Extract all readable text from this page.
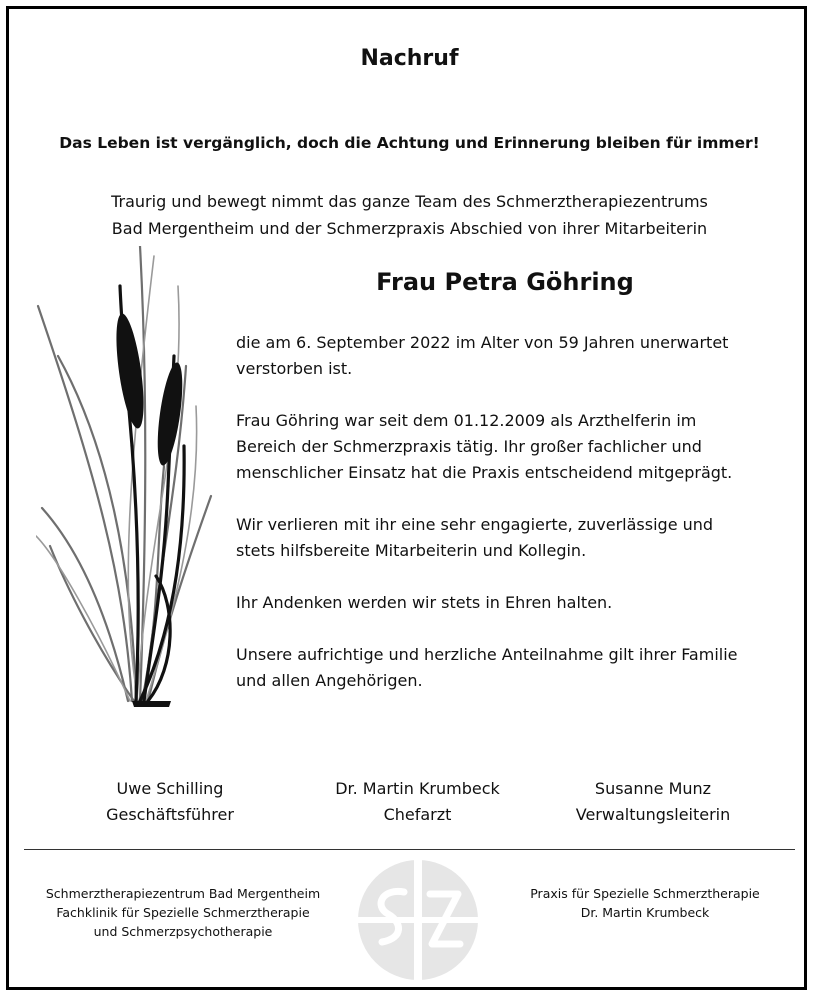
Nachruf
Das Leben ist vergänglich, doch die Achtung und Erinnerung bleiben für immer!
Traurig und bewegt nimmt das ganze Team des Schmerztherapiezentrums
Bad Mergentheim und der Schmerzpraxis Abschied von ihrer Mitarbeiterin
Frau Petra Göhring

die am 6. September 2022 im Alter von 59 Jahren unerwartet
verstorben ist.

Frau Göhring war seit dem 01.12.2009 als Arzthelferin im
Bereich der Schmerzpraxis tätig. Ihr großer fachlicher und
menschlicher Einsatz hat die Praxis entscheidend mitgeprägt.

Wir verlieren mit ihr eine sehr engagierte, zuverlässige und
stets hilfsbereite Mitarbeiterin und Kollegin.

Ihr Andenken werden wir stets in Ehren halten.

Unsere aufrichtige und herzliche Anteilnahme gilt ihrer Familie
und allen Angehörigen.

Uwe Schilling
Geschäftsführer
Dr. Martin Krumbeck
Chefarzt
Susanne Munz
Verwaltungsleiterin
Schmerztherapiezentrum Bad Mergentheim
Fachklinik für Spezielle Schmerztherapie
und Schmerzpsychotherapie
Praxis für Spezielle Schmerztherapie
Dr. Martin Krumbeck
